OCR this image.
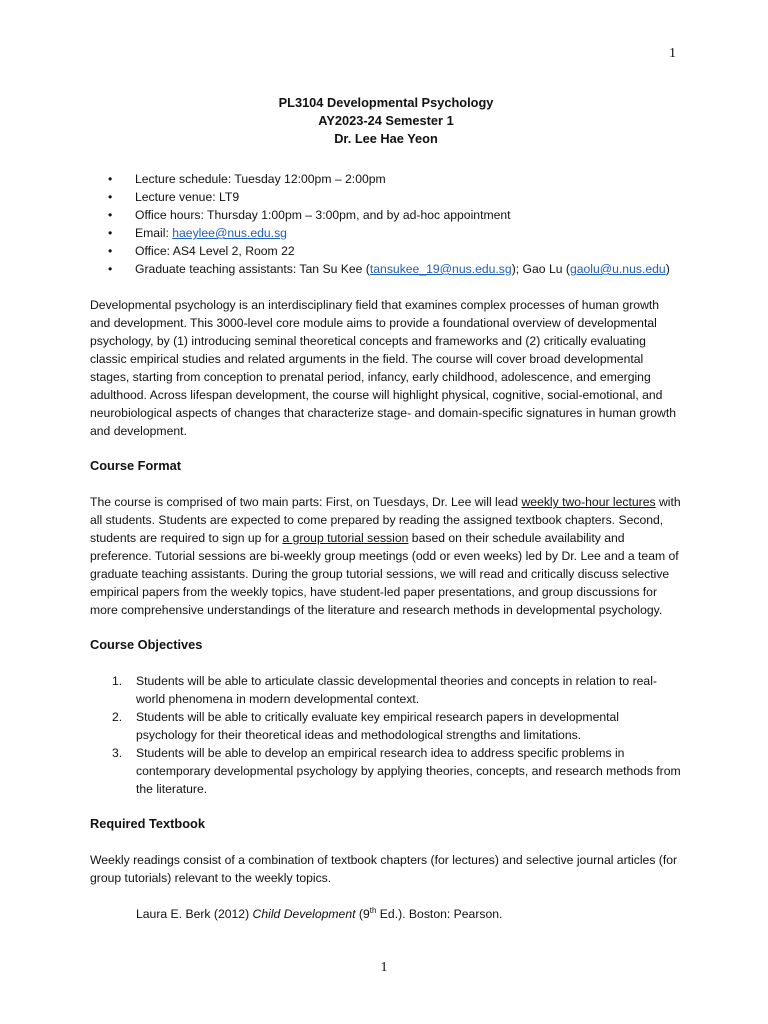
1
PL3104 Developmental Psychology
AY2023-24 Semester 1
Dr. Lee Hae Yeon
• Lecture schedule: Tuesday 12:00pm – 2:00pm
• Lecture venue: LT9
• Office hours: Thursday 1:00pm – 3:00pm, and by ad-hoc appointment
• Email: haeylee@nus.edu.sg
• Office: AS4 Level 2, Room 22
• Graduate teaching assistants: Tan Su Kee (tansukee_19@nus.edu.sg); Gao Lu (gaolu@u.nus.edu)

Developmental psychology is an interdisciplinary field that examines complex processes of human growth and development. This 3000-level core module aims to provide a foundational overview of developmental psychology, by (1) introducing seminal theoretical concepts and frameworks and (2) critically evaluating classic empirical studies and related arguments in the field. The course will cover broad developmental stages, starting from conception to prenatal period, infancy, early childhood, adolescence, and emerging adulthood. Across lifespan development, the course will highlight physical, cognitive, social-emotional, and neurobiological aspects of changes that characterize stage- and domain-specific signatures in human growth and development.

Course Format

The course is comprised of two main parts: First, on Tuesdays, Dr. Lee will lead weekly two-hour lectures with all students. Students are expected to come prepared by reading the assigned textbook chapters. Second, students are required to sign up for a group tutorial session based on their schedule availability and preference. Tutorial sessions are bi-weekly group meetings (odd or even weeks) led by Dr. Lee and a team of graduate teaching assistants. During the group tutorial sessions, we will read and critically discuss selective empirical papers from the weekly topics, have student-led paper presentations, and group discussions for more comprehensive understandings of the literature and research methods in developmental psychology.

Course Objectives
1. Students will be able to articulate classic developmental theories and concepts in relation to real-world phenomena in modern developmental context.
2. Students will be able to critically evaluate key empirical research papers in developmental psychology for their theoretical ideas and methodological strengths and limitations.
3. Students will be able to develop an empirical research idea to address specific problems in contemporary developmental psychology by applying theories, concepts, and research methods from the literature.
Required Textbook

Weekly readings consist of a combination of textbook chapters (for lectures) and selective journal articles (for group tutorials) relevant to the weekly topics.

Laura E. Berk (2012) Child Development (9th Ed.). Boston: Pearson.

1
